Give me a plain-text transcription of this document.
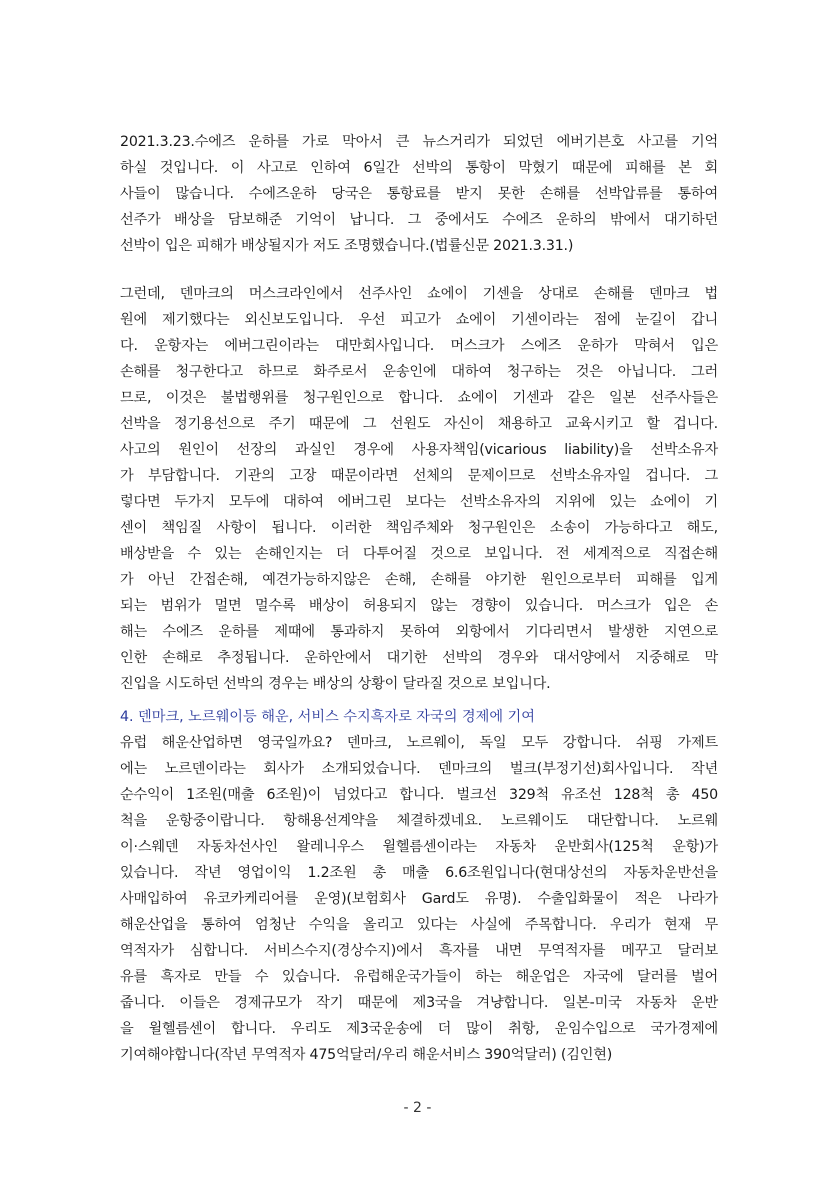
2021.3.23.수에즈 운하를 가로 막아서 큰 뉴스거리가 되었던 에버기븐호 사고를 기억
하실 것입니다. 이 사고로 인하여 6일간 선박의 통항이 막혔기 때문에 피해를 본 회
사들이 많습니다. 수에즈운하 당국은 통항료를 받지 못한 손해를 선박압류를 통하여
선주가 배상을 담보해준 기억이 납니다. 그 중에서도 수에즈 운하의 밖에서 대기하던
선박이 입은 피해가 배상될지가 저도 조명했습니다.(법률신문 2021.3.31.)
그런데, 덴마크의 머스크라인에서 선주사인 쇼에이 기센을 상대로 손해를 덴마크 법
원에 제기했다는 외신보도입니다. 우선 피고가 쇼에이 기센이라는 점에 눈길이 갑니
다. 운항자는 에버그린이라는 대만회사입니다. 머스크가 스에즈 운하가 막혀서 입은
손해를 청구한다고 하므로 화주로서 운송인에 대하여 청구하는 것은 아닙니다. 그러
므로, 이것은 불법행위를 청구원인으로 합니다. 쇼에이 기센과 같은 일본 선주사들은
선박을 정기용선으로 주기 때문에 그 선원도 자신이 채용하고 교육시키고 할 겁니다.
사고의 원인이 선장의 과실인 경우에 사용자책임(vicarious liability)을 선박소유자
가 부담합니다. 기관의 고장 때문이라면 선체의 문제이므로 선박소유자일 겁니다. 그
렇다면 두가지 모두에 대하여 에버그린 보다는 선박소유자의 지위에 있는 쇼에이 기
센이 책임질 사항이 됩니다. 이러한 책임주체와 청구원인은 소송이 가능하다고 해도,
배상받을 수 있는 손해인지는 더 다투어질 것으로 보입니다. 전 세계적으로 직접손해
가 아닌 간접손해, 예견가능하지않은 손해, 손해를 야기한 원인으로부터 피해를 입게
되는 범위가 멀면 멀수록 배상이 허용되지 않는 경향이 있습니다. 머스크가 입은 손
해는 수에즈 운하를 제때에 통과하지 못하여 외항에서 기다리면서 발생한 지연으로
인한 손해로 추정됩니다. 운하안에서 대기한 선박의 경우와 대서양에서 지중해로 막
진입을 시도하던 선박의 경우는 배상의 상황이 달라질 것으로 보입니다.
4. 덴마크, 노르웨이등 해운, 서비스 수지흑자로 자국의 경제에 기여
유럽 해운산업하면 영국일까요? 덴마크, 노르웨이, 독일 모두 강합니다. 쉬핑 가제트
에는 노르덴이라는 회사가 소개되었습니다. 덴마크의 벌크(부정기선)회사입니다. 작년
순수익이 1조원(매출 6조원)이 넘었다고 합니다. 벌크선 329척 유조선 128척 총 450
척을 운항중이랍니다. 항해용선계약을 체결하겠네요. 노르웨이도 대단합니다. 노르웨
이·스웨덴 자동차선사인 왈레니우스 윌헬름센이라는 자동차 운반회사(125척 운항)가
있습니다. 작년 영업이익 1.2조원 총 매출 6.6조원입니다(현대상선의 자동차운반선을
사매입하여 유코카케리어를 운영)(보험회사 Gard도 유명). 수출입화물이 적은 나라가
해운산업을 통하여 엄청난 수익을 올리고 있다는 사실에 주목합니다. 우리가 현재 무
역적자가 심합니다. 서비스수지(경상수지)에서 흑자를 내면 무역적자를 메꾸고 달러보
유를 흑자로 만들 수 있습니다. 유럽해운국가들이 하는 해운업은 자국에 달러를 벌어
줍니다. 이들은 경제규모가 작기 때문에 제3국을 겨냥합니다. 일본-미국 자동차 운반
을 윌헬름센이 합니다. 우리도 제3국운송에 더 많이 취항, 운임수입으로 국가경제에
기여해야합니다(작년 무역적자 475억달러/우리 해운서비스 390억달러) (김인현)
- 2 -
